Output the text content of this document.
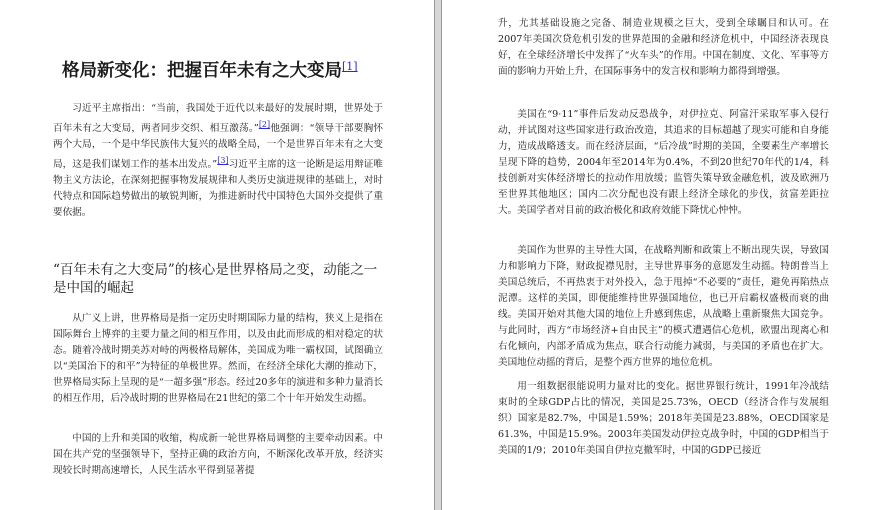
格局新变化：把握百年未有之大变局[1]

习近平主席指出：“当前，我国处于近代以来最好的发展时期，世界处于百年未有之大变局，两者同步交织、相互激荡。”[2]他强调：“领导干部要胸怀两个大局，一个是中华民族伟大复兴的战略全局，一个是世界百年未有之大变局，这是我们谋划工作的基本出发点。”[3]习近平主席的这一论断是运用辩证唯物主义方法论，在深刻把握事物发展规律和人类历史演进规律的基础上，对时代特点和国际趋势做出的敏锐判断，为推进新时代中国特色大国外交提供了重要依据。

“百年未有之大变局”的核心是世界格局之变，动能之一是中国的崛起

从广义上讲，世界格局是指一定历史时期国际力量的结构，狭义上是指在国际舞台上博弈的主要力量之间的相互作用，以及由此而形成的相对稳定的状态。随着冷战时期美苏对峙的两极格局解体，美国成为唯一霸权国，试图确立以“美国治下的和平”为特征的单极世界。然而，在经济全球化大潮的推动下，世界格局实际上呈现的是“一超多强”形态。经过20多年的演进和多种力量消长的相互作用，后冷战时期的世界格局在21世纪的第二个十年开始发生动摇。

中国的上升和美国的收缩，构成新一轮世界格局调整的主要牵动因素。中国在共产党的坚强领导下，坚持正确的政治方向，不断深化改革开放，经济实现较长时期高速增长，人民生活水平得到显著提

升，尤其基础设施之完备、制造业规模之巨大，受到全球瞩目和认可。在2007年美国次贷危机引发的世界范围的金融和经济危机中，中国经济表现良好，在全球经济增长中发挥了“火车头”的作用。中国在制度、文化、军事等方面的影响力开始上升，在国际事务中的发言权和影响力都得到增强。

美国在“9·11”事件后发动反恐战争，对伊拉克、阿富汗采取军事入侵行动，并试图对这些国家进行政治改造，其追求的目标超越了现实可能和自身能力，造成战略透支。而在经济层面，“后冷战”时期的美国，全要素生产率增长呈现下降的趋势，2004年至2014年为0.4%，不到20世纪70年代的1/4，科技创新对实体经济增长的拉动作用放缓；监管失策导致金融危机，波及欧洲乃至世界其他地区；国内二次分配也没有跟上经济全球化的步伐，贫富差距拉大。美国学者对目前的政治极化和政府效能下降忧心忡忡。

美国作为世界的主导性大国，在战略判断和政策上不断出现失误，导致国力和影响力下降，财政捉襟见肘，主导世界事务的意愿发生动摇。特朗普当上美国总统后，不再热衷于对外投入，急于甩掉“不必要的”责任，避免再陷热点泥潭。这样的美国，即便能维持世界强国地位，也已开启霸权盛极而衰的曲线。美国开始对其他大国的地位上升感到焦虑，从战略上重新聚焦大国竞争。与此同时，西方“市场经济+自由民主”的模式遭遇信心危机，欧盟出现离心和右化倾向，内部矛盾成为焦点，联合行动能力减弱，与美国的矛盾也在扩大。美国地位动摇的背后，是整个西方世界的地位危机。

用一组数据很能说明力量对比的变化。据世界银行统计，1991年冷战结束时的全球GDP占比的情况，美国是25.73%，OECD（经济合作与发展组织）国家是82.7%，中国是1.59%；2018年美国是23.88%，OECD国家是61.3%，中国是15.9%。2003年美国发动伊拉克战争时，中国的GDP相当于美国的1/9；2010年美国自伊拉克撤军时，中国的GDP已接近
